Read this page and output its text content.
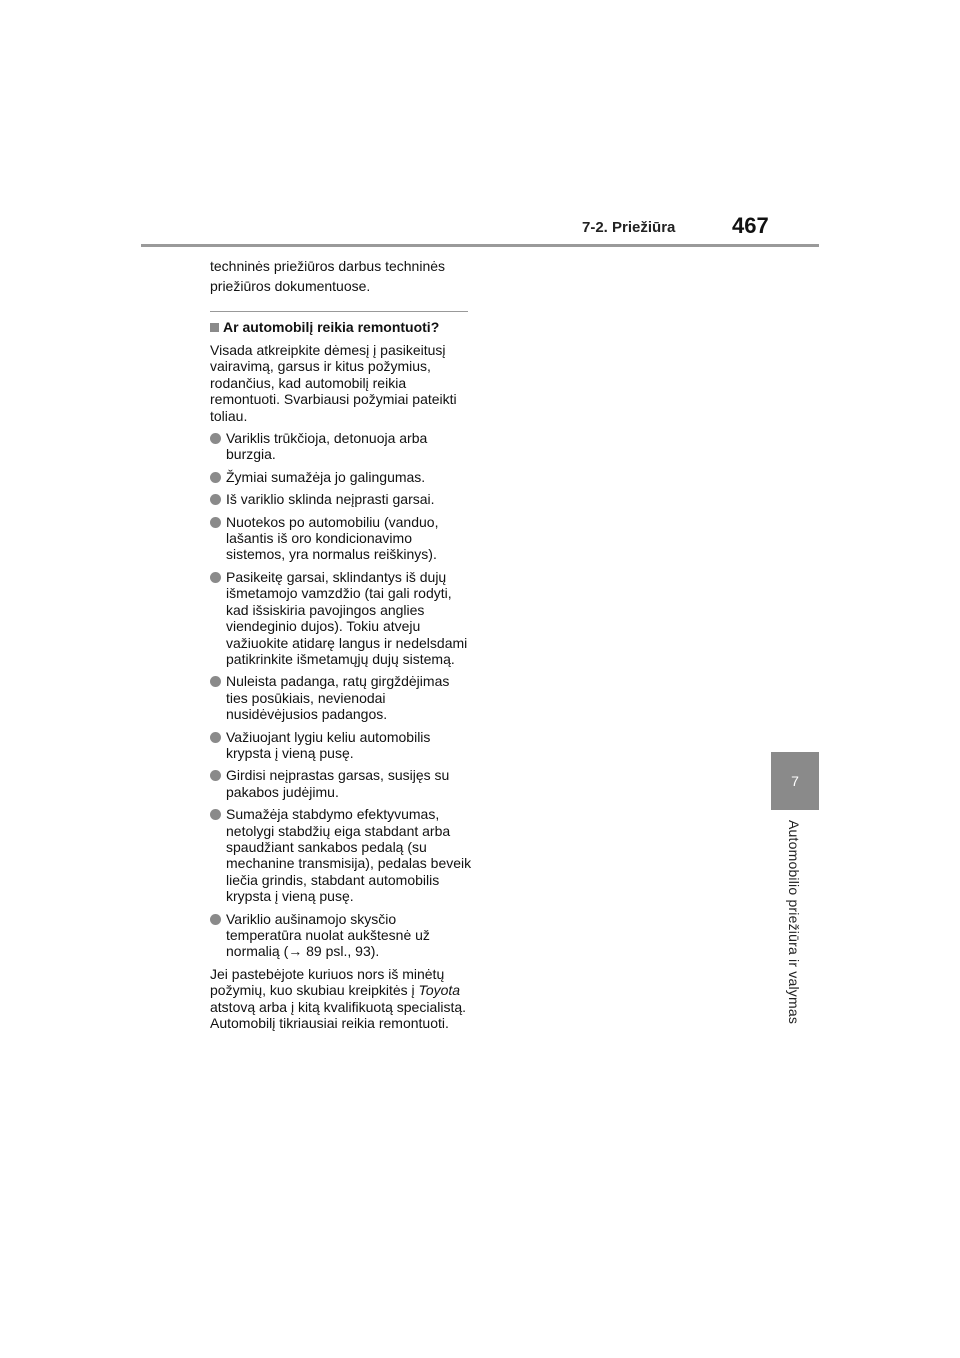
7-2. Priežiūra	467
7
Automobilio priežiūra ir valymas

techninės priežiūros darbus techninės priežiūros dokumentuose.

Ar automobilį reikia remontuoti?

Visada atkreipkite dėmesį į pasikeitusį vairavimą, garsus ir kitus požymius, rodančius, kad automobilį reikia remontuoti. Svarbiausi požymiai pateikti toliau.

Variklis trūkčioja, detonuoja arba burzgia.
Žymiai sumažėja jo galingumas.
Iš variklio sklinda neįprasti garsai.
Nuotekos po automobiliu (vanduo, lašantis iš oro kondicionavimo sistemos, yra normalus reiškinys).
Pasikeitę garsai, sklindantys iš dujų išmetamojo vamzdžio (tai gali rodyti, kad išsiskiria pavojingos anglies viendeginio dujos). Tokiu atveju važiuokite atidarę langus ir nedelsdami patikrinkite išmetamųjų dujų sistemą.
Nuleista padanga, ratų girgždėjimas ties posūkiais, nevienodai nusidėvėjusios padangos.
Važiuojant lygiu keliu automobilis krypsta į vieną pusę.
Girdisi neįprastas garsas, susijęs su pakabos judėjimu.
Sumažėja stabdymo efektyvumas, netolygi stabdžių eiga stabdant arba spaudžiant sankabos pedalą (su mechanine transmisija), pedalas beveik liečia grindis, stabdant automobilis krypsta į vieną pusę.
Variklio aušinamojo skysčio temperatūra nuolat aukštesnė už normalią (→ 89 psl., 93).

Jei pastebėjote kuriuos nors iš minėtų požymių, kuo skubiau kreipkitės į Toyota atstovą arba į kitą kvalifikuotą specialistą. Automobilį tikriausiai reikia remontuoti.
